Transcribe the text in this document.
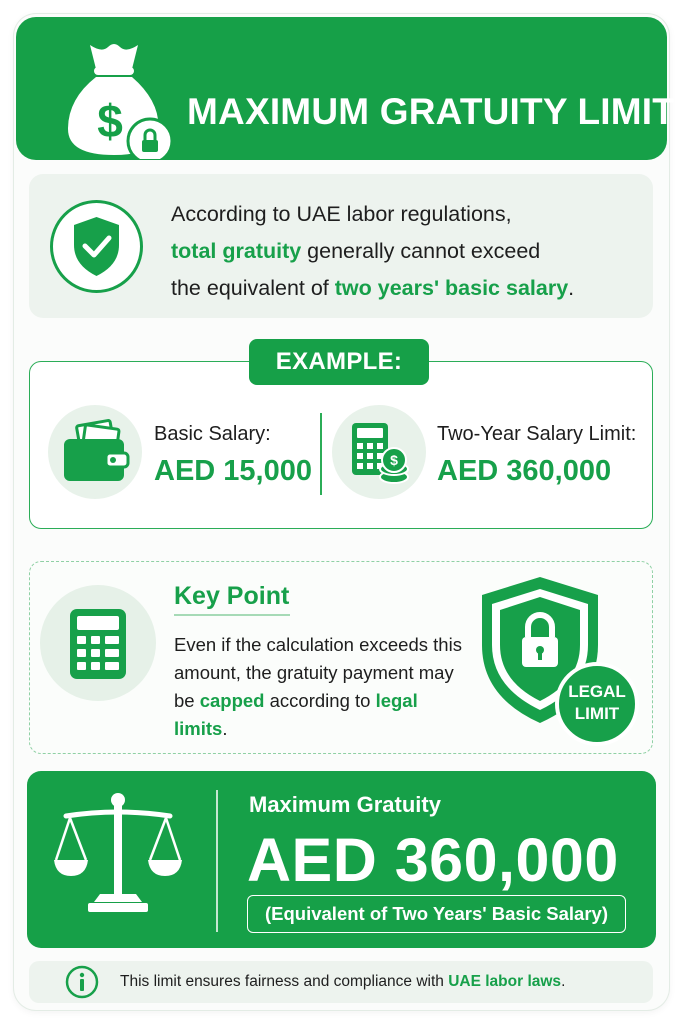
$ MAXIMUM GRATUITY LIMIT
According to UAE labor regulations,
total gratuity generally cannot exceed
the equivalent of two years' basic salary.
EXAMPLE:
Basic Salary:
AED 15,000	$
Two-Year Salary Limit:
AED 360,000
Key Point
Even if the calculation exceeds this amount, the gratuity payment may be capped according to legal limits.
LEGAL
LIMIT
Maximum Gratuity
AED 360,000
(Equivalent of Two Years' Basic Salary)
This limit ensures fairness and compliance with UAE labor laws.
